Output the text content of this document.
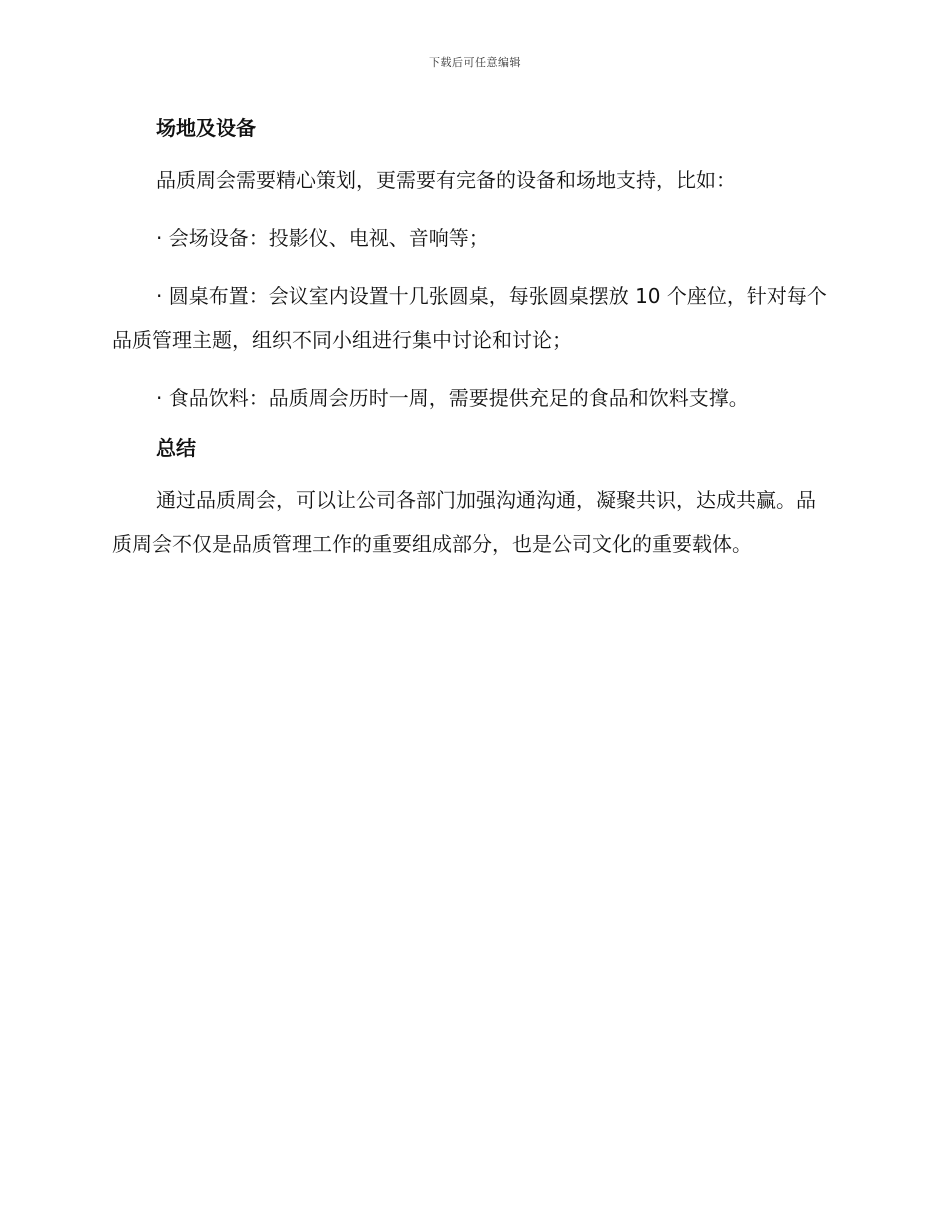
下载后可任意编辑
场地及设备

品质周会需要精心策划，更需要有完备的设备和场地支持，比如：

· 会场设备：投影仪、电视、音响等；

· 圆桌布置：会议室内设置十几张圆桌，每张圆桌摆放 10 个座位，针对每个品质管理主题，组织不同小组进行集中讨论和讨论；

· 食品饮料：品质周会历时一周，需要提供充足的食品和饮料支撑。

总结

通过品质周会，可以让公司各部门加强沟通沟通，凝聚共识，达成共赢。品质周会不仅是品质管理工作的重要组成部分，也是公司文化的重要载体。
